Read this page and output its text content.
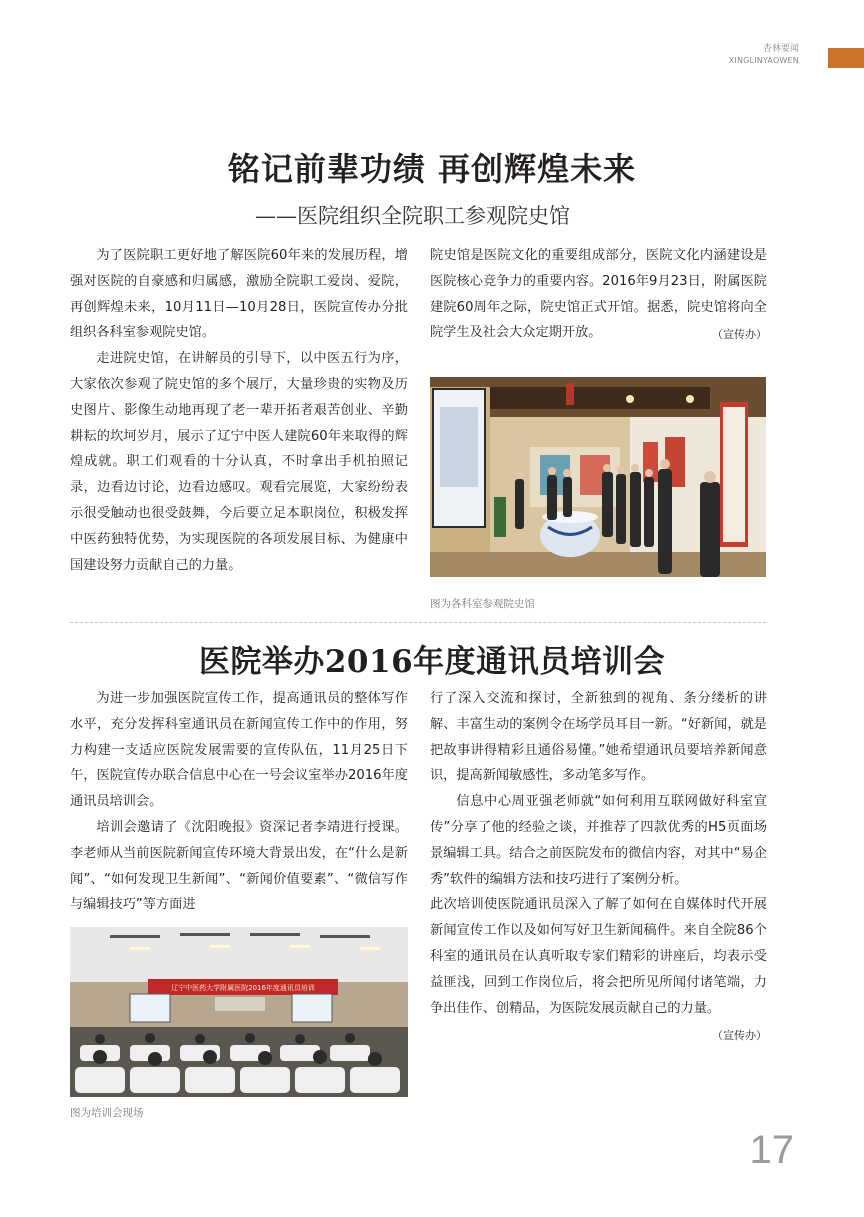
杏林要闻
XINGLINYAOWEN
铭记前辈功绩 再创辉煌未来
——医院组织全院职工参观院史馆

为了医院职工更好地了解医院60年来的发展历程，增强对医院的自豪感和归属感，激励全院职工爱岗、爱院，再创辉煌未来，10月11日—10月28日，医院宣传办分批组织各科室参观院史馆。

走进院史馆，在讲解员的引导下，以中医五行为序，大家依次参观了院史馆的多个展厅，大量珍贵的实物及历史图片、影像生动地再现了老一辈开拓者艰苦创业、辛勤耕耘的坎坷岁月，展示了辽宁中医人建院60年来取得的辉煌成就。职工们观看的十分认真，不时拿出手机拍照记录，边看边讨论，边看边感叹。观看完展览，大家纷纷表示很受触动也很受鼓舞，今后要立足本职岗位，积极发挥中医药独特优势，为实现医院的各项发展目标、为健康中国建设努力贡献自己的力量。

院史馆是医院文化的重要组成部分，医院文化内涵建设是医院核心竞争力的重要内容。2016年9月23日，附属医院建院60周年之际，院史馆正式开馆。据悉，院史馆将向全院学生及社会大众定期开放。	（宣传办）
图为各科室参观院史馆
医院举办2016年度通讯员培训会

为进一步加强医院宣传工作，提高通讯员的整体写作水平，充分发挥科室通讯员在新闻宣传工作中的作用，努力构建一支适应医院发展需要的宣传队伍，11月25日下午，医院宣传办联合信息中心在一号会议室举办2016年度通讯员培训会。

培训会邀请了《沈阳晚报》资深记者李靖进行授课。李老师从当前医院新闻宣传环境大背景出发，在“什么是新闻”、“如何发现卫生新闻”、“新闻价值要素”、“微信写作与编辑技巧”等方面进

辽宁中医药大学附属医院2016年度通讯员培训
图为培训会现场

行了深入交流和探讨，全新独到的视角、条分缕析的讲解、丰富生动的案例令在场学员耳目一新。“好新闻，就是把故事讲得精彩且通俗易懂。”她希望通讯员要培养新闻意识，提高新闻敏感性，多动笔多写作。

信息中心周亚强老师就“如何利用互联网做好科室宣传”分享了他的经验之谈，并推荐了四款优秀的H5页面场景编辑工具。结合之前医院发布的微信内容，对其中“易企秀”软件的编辑方法和技巧进行了案例分析。

此次培训使医院通讯员深入了解了如何在自媒体时代开展新闻宣传工作以及如何写好卫生新闻稿件。来自全院86个科室的通讯员在认真听取专家们精彩的讲座后，均表示受益匪浅，回到工作岗位后，将会把所见所闻付诸笔端，力争出佳作、创精品，为医院发展贡献自己的力量。

（宣传办）
17
